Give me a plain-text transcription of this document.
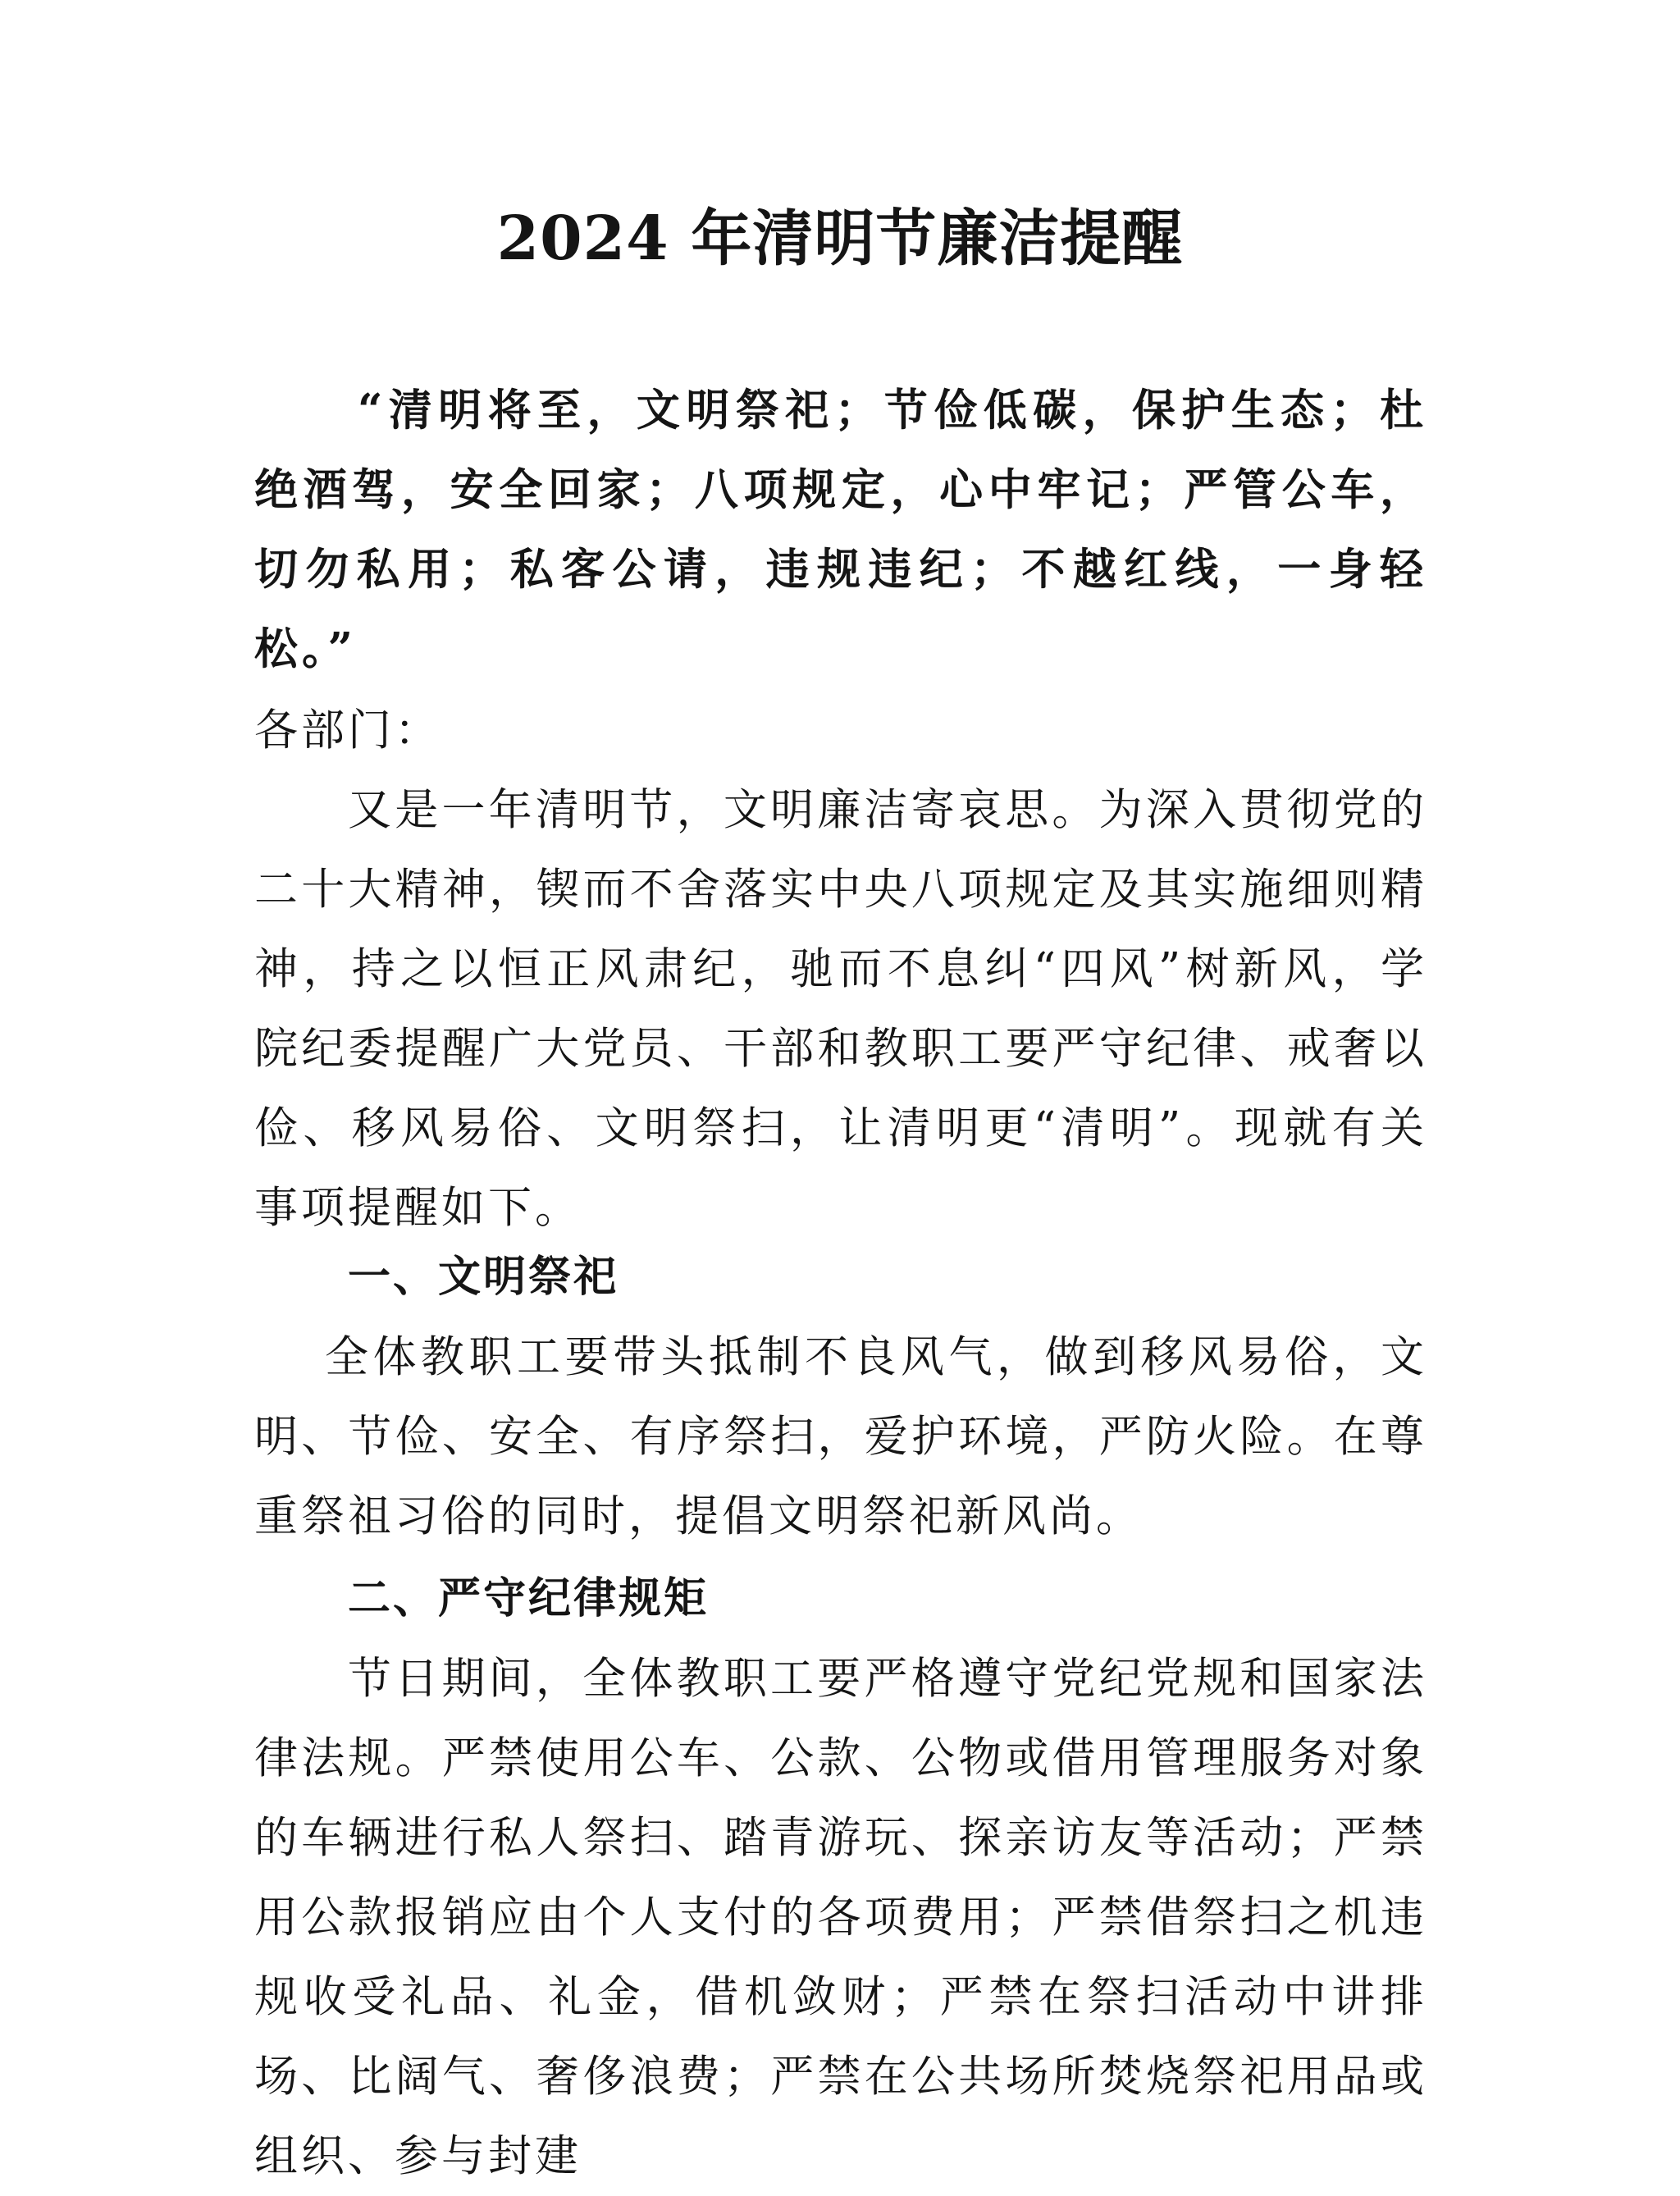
2024 年清明节廉洁提醒

“清明将至，文明祭祀；节俭低碳，保护生态；杜绝酒驾，安全回家；八项规定，心中牢记；严管公车，切勿私用；私客公请，违规违纪；不越红线，一身轻松。”

各部门：

又是一年清明节，文明廉洁寄哀思。为深入贯彻党的二十大精神，锲而不舍落实中央八项规定及其实施细则精神，持之以恒正风肃纪，驰而不息纠“四风”树新风，学院纪委提醒广大党员、干部和教职工要严守纪律、戒奢以俭、移风易俗、文明祭扫，让清明更“清明”。现就有关事项提醒如下。

一、文明祭祀

全体教职工要带头抵制不良风气，做到移风易俗，文明、节俭、安全、有序祭扫，爱护环境，严防火险。在尊重祭祖习俗的同时，提倡文明祭祀新风尚。

二、严守纪律规矩

节日期间，全体教职工要严格遵守党纪党规和国家法律法规。严禁使用公车、公款、公物或借用管理服务对象的车辆进行私人祭扫、踏青游玩、探亲访友等活动；严禁用公款报销应由个人支付的各项费用；严禁借祭扫之机违规收受礼品、礼金，借机敛财；严禁在祭扫活动中讲排场、比阔气、奢侈浪费；严禁在公共场所焚烧祭祀用品或组织、参与封建
